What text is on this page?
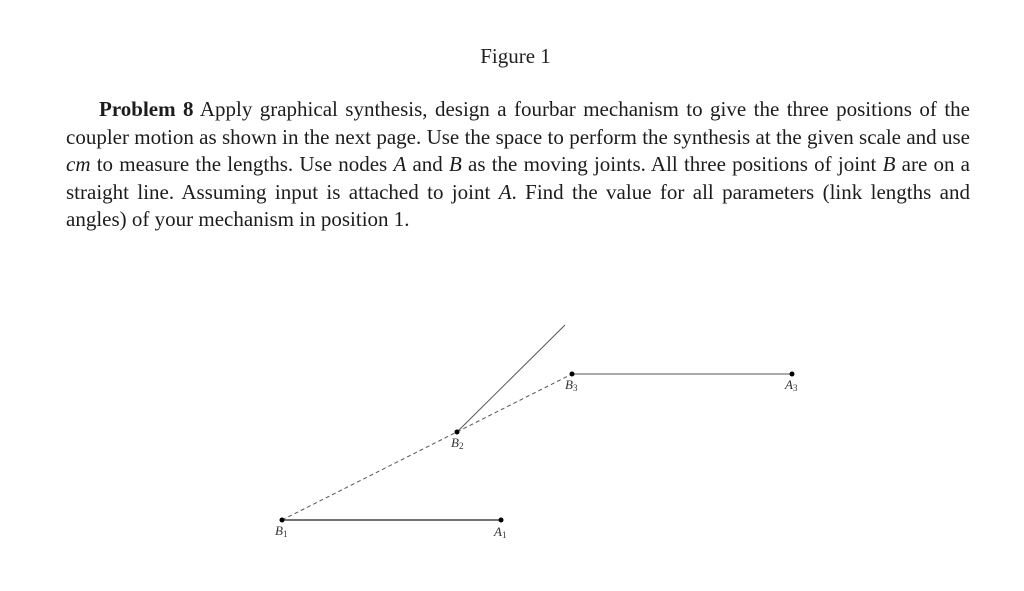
Figure 1
Problem 8 Apply graphical synthesis, design a fourbar mechanism to give the three positions of the coupler motion as shown in the next page. Use the space to perform the synthesis at the given scale and use cm to measure the lengths. Use nodes A and B as the moving joints. All three positions of joint B are on a straight line. Assuming input is attached to joint A. Find the value for all parameters (link lengths and angles) of your mechanism in position 1.
B1	A1
B2
B3	A3
